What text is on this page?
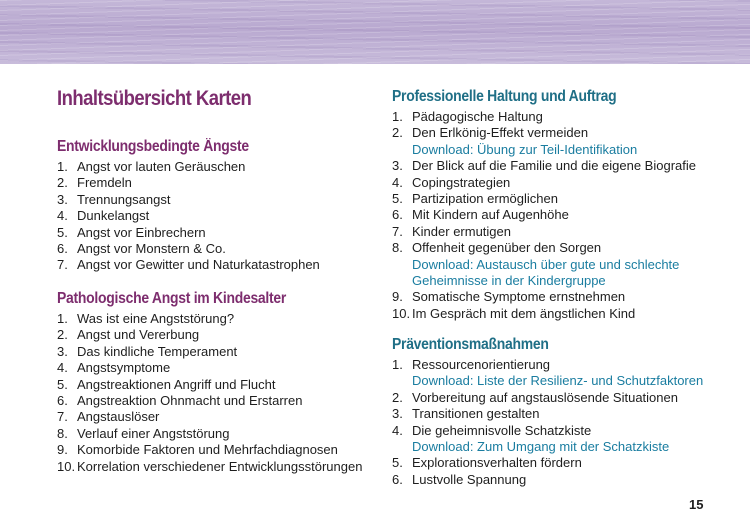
Inhaltsübersicht Karten
Entwicklungsbedingte Ängste
1. Angst vor lauten Geräuschen
2. Fremdeln
3. Trennungsangst
4. Dunkelangst
5. Angst vor Einbrechern
6. Angst vor Monstern & Co.
7. Angst vor Gewitter und Naturkatastrophen
Pathologische Angst im Kindesalter
1. Was ist eine Angststörung?
2. Angst und Vererbung
3. Das kindliche Temperament
4. Angstsymptome
5. Angstreaktionen Angriff und Flucht
6. Angstreaktion Ohnmacht und Erstarren
7. Angstauslöser
8. Verlauf einer Angststörung
9. Komorbide Faktoren und Mehrfachdiagnosen
10. Korrelation verschiedener Entwicklungsstörungen
Professionelle Haltung und Auftrag
1. Pädagogische Haltung
2. Den Erlkönig-Effekt vermeiden
Download: Übung zur Teil-Identifikation
3. Der Blick auf die Familie und die eigene Biografie
4. Copingstrategien
5. Partizipation ermöglichen
6. Mit Kindern auf Augenhöhe
7. Kinder ermutigen
8. Offenheit gegenüber den Sorgen
Download: Austausch über gute und schlechte
Geheimnisse in der Kindergruppe
9. Somatische Symptome ernstnehmen
10. Im Gespräch mit dem ängstlichen Kind
Präventionsmaßnahmen
1. Ressourcenorientierung
Download: Liste der Resilienz- und Schutzfaktoren
2. Vorbereitung auf angstauslösende Situationen
3. Transitionen gestalten
4. Die geheimnisvolle Schatzkiste
Download: Zum Umgang mit der Schatzkiste
5. Explorationsverhalten fördern
6. Lustvolle Spannung
15
